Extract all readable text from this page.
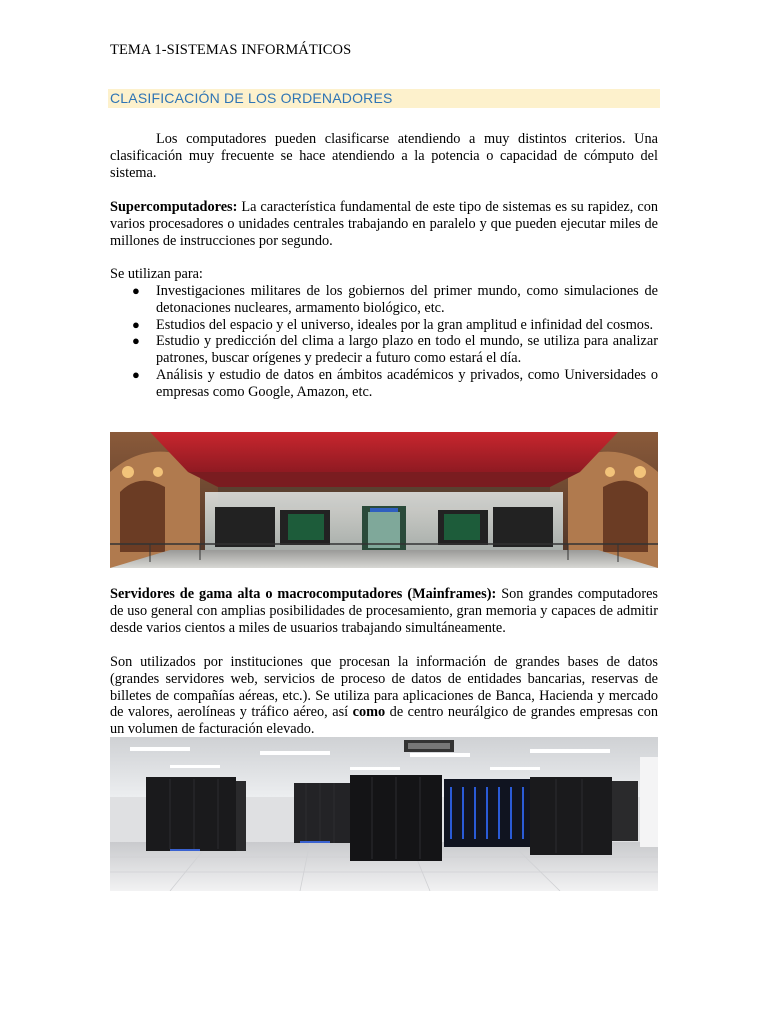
TEMA 1-SISTEMAS INFORMÁTICOS
CLASIFICACIÓN DE LOS ORDENADORES
Los computadores pueden clasificarse atendiendo a muy distintos criterios. Una clasificación muy frecuente se hace atendiendo a la potencia o capacidad de cómputo del sistema.
Supercomputadores: La característica fundamental de este tipo de sistemas es su rapidez, con varios procesadores o unidades centrales trabajando en paralelo y que pueden ejecutar miles de millones de instrucciones por segundo.
Se utilizan para:
● Investigaciones militares de los gobiernos del primer mundo, como simulaciones de detonaciones nucleares, armamento biológico, etc.
● Estudios del espacio y el universo, ideales por la gran amplitud e infinidad del cosmos.
● Estudio y predicción del clima a largo plazo en todo el mundo, se utiliza para analizar patrones, buscar orígenes y predecir a futuro como estará el día.
● Análisis y estudio de datos en ámbitos académicos y privados, como Universidades o empresas como Google, Amazon, etc.
Servidores de gama alta o macrocomputadores (Mainframes): Son grandes computadores de uso general con amplias posibilidades de procesamiento, gran memoria y capaces de admitir desde varios cientos a miles de usuarios trabajando simultáneamente.
Son utilizados por instituciones que procesan la información de grandes bases de datos (grandes servidores web, servicios de proceso de datos de entidades bancarias, reservas de billetes de compañías aéreas, etc.). Se utiliza para aplicaciones de Banca, Hacienda y mercado de valores, aerolíneas y tráfico aéreo, así como de centro neurálgico de grandes empresas con un volumen de facturación elevado.
